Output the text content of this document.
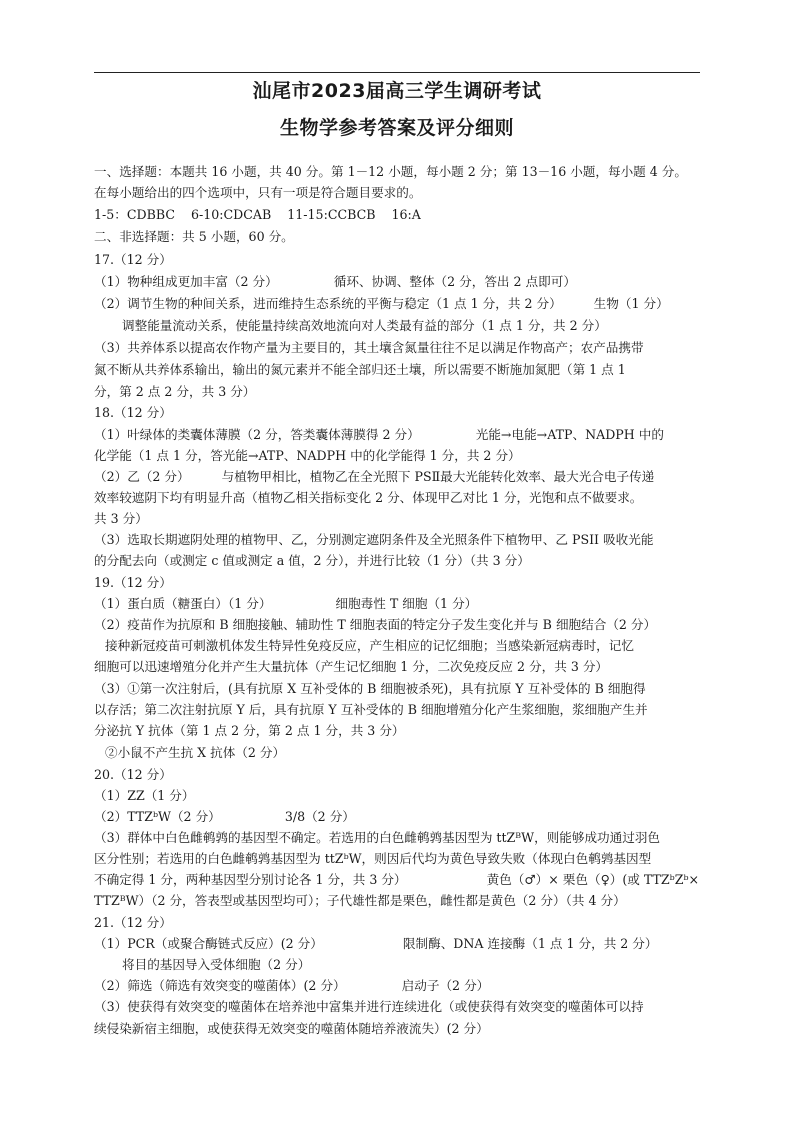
汕尾市2023届高三学生调研考试
生物学参考答案及评分细则
一、选择题：本题共 16 小题，共 40 分。第 1－12 小题，每小题 2 分；第 13－16 小题，每小题 4 分。
在每小题给出的四个选项中，只有一项是符合题目要求的。
1-5：CDBBC    6-10:CDCAB    11-15:CCBCB    16:A
二、非选择题：共 5 小题，60 分。
17.（12 分）
（1）物种组成更加丰富（2 分）              循环、协调、整体（2 分，答出 2 点即可）
（2）调节生物的种间关系，进而维持生态系统的平衡与稳定（1 点 1 分，共 2 分）        生物（1 分）
调整能量流动关系，使能量持续高效地流向对人类最有益的部分（1 点 1 分，共 2 分）
（3）共养体系以提高农作物产量为主要目的，其土壤含氮量往往不足以满足作物高产；农产品携带
氮不断从共养体系输出，输出的氮元素并不能全部归还土壤，所以需要不断施加氮肥（第 1 点 1
分，第 2 点 2 分，共 3 分）
18.（12 分）
（1）叶绿体的类囊体薄膜（2 分，答类囊体薄膜得 2 分）              光能→电能→ATP、NADPH 中的
化学能（1 点 1 分，答光能→ATP、NADPH 中的化学能得 1 分，共 2 分）
（2）乙（2 分）        与植物甲相比，植物乙在全光照下 PSⅡ最大光能转化效率、最大光合电子传递
效率较遮阴下均有明显升高（植物乙相关指标变化 2 分、体现甲乙对比 1 分，光饱和点不做要求。
共 3 分）
（3）选取长期遮阴处理的植物甲、乙，分别测定遮阴条件及全光照条件下植物甲、乙 PSII 吸收光能
的分配去向（或测定 c 值或测定 a 值，2 分），并进行比较（1 分）（共 3 分）
19.（12 分）
（1）蛋白质（糖蛋白）（1 分）                细胞毒性 T 细胞（1 分）
（2）疫苗作为抗原和 B 细胞接触、辅助性 T 细胞表面的特定分子发生变化并与 B 细胞结合（2 分）
接种新冠疫苗可刺激机体发生特异性免疫反应，产生相应的记忆细胞；当感染新冠病毒时，记忆
细胞可以迅速增殖分化并产生大量抗体（产生记忆细胞 1 分，二次免疫反应 2 分，共 3 分）
（3）①第一次注射后，(具有抗原 X 互补受体的 B 细胞被杀死)，具有抗原 Y 互补受体的 B 细胞得
以存活；第二次注射抗原 Y 后，具有抗原 Y 互补受体的 B 细胞增殖分化产生浆细胞，浆细胞产生并
分泌抗 Y 抗体（第 1 点 2 分，第 2 点 1 分，共 3 分）
②小鼠不产生抗 X 抗体（2 分）
20.（12 分）
（1）ZZ（1 分）
（2）TTZᵇW（2 分）                3/8（2 分）
（3）群体中白色雌鹌鹑的基因型不确定。若选用的白色雌鹌鹑基因型为 ttZᴮW，则能够成功通过羽色
区分性别；若选用的白色雌鹌鹑基因型为 ttZᵇW，则因后代均为黄色导致失败（体现白色鹌鹑基因型
不确定得 1 分，两种基因型分别讨论各 1 分，共 3 分）                    黄色（♂）× 栗色（♀）(或 TTZᵇZᵇ×
TTZᴮW）（2 分，答表型或基因型均可）；子代雄性都是栗色，雌性都是黄色（2 分）（共 4 分）
21.（12 分）
（1）PCR（或聚合酶链式反应）(2 分）                    限制酶、DNA 连接酶（1 点 1 分，共 2 分）
将目的基因导入受体细胞（2 分）
（2）筛选（筛选有效突变的噬菌体）(2 分）              启动子（2 分）
（3）使获得有效突变的噬菌体在培养池中富集并进行连续进化（或使获得有效突变的噬菌体可以持
续侵染新宿主细胞，或使获得无效突变的噬菌体随培养液流失）(2 分）
